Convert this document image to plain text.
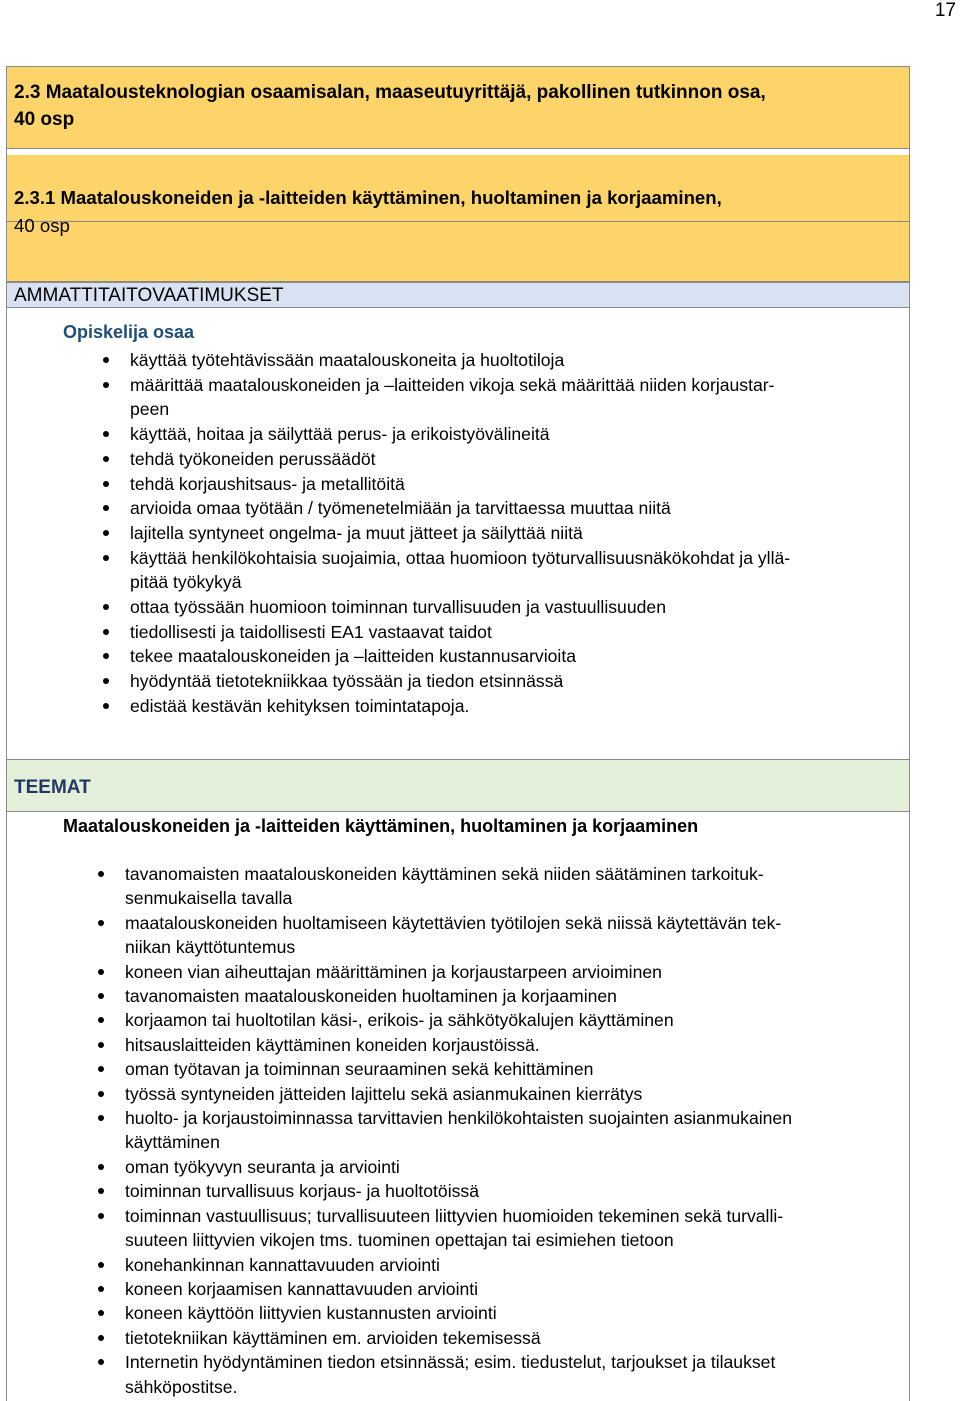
17
2.3 Maatalousteknologian osaamisalan, maaseutuyrittäjä, pakollinen tutkinnon osa,
40 osp
2.3.1 Maatalouskoneiden ja -laitteiden käyttäminen, huoltaminen ja korjaaminen,
40 osp
AMMATTITAITOVAATIMUKSET
Opiskelija osaa
TEEMAT
Maatalouskoneiden ja -laitteiden käyttäminen, huoltaminen ja korjaaminen
käyttää työtehtävissään maatalouskoneita ja huoltotiloja
määrittää maatalouskoneiden ja –laitteiden vikoja sekä määrittää niiden korjaustar-
peen
käyttää, hoitaa ja säilyttää perus- ja erikoistyövälineitä
tehdä työkoneiden perussäädöt
tehdä korjaushitsaus- ja metallitöitä
arvioida omaa työtään / työmenetelmiään ja tarvittaessa muuttaa niitä
lajitella syntyneet ongelma- ja muut jätteet ja säilyttää niitä
käyttää henkilökohtaisia suojaimia, ottaa huomioon työturvallisuusnäkökohdat ja yllä-
pitää työkykyä
ottaa työssään huomioon toiminnan turvallisuuden ja vastuullisuuden
tiedollisesti ja taidollisesti EA1 vastaavat taidot
tekee maatalouskoneiden ja –laitteiden kustannusarvioita
hyödyntää tietotekniikkaa työssään ja tiedon etsinnässä
edistää kestävän kehityksen toimintatapoja.
tavanomaisten maatalouskoneiden käyttäminen sekä niiden säätäminen tarkoituk-
senmukaisella tavalla
maatalouskoneiden huoltamiseen käytettävien työtilojen sekä niissä käytettävän tek-
niikan käyttötuntemus
koneen vian aiheuttajan määrittäminen ja korjaustarpeen arvioiminen
tavanomaisten maatalouskoneiden huoltaminen ja korjaaminen
korjaamon tai huoltotilan käsi-, erikois- ja sähkötyökalujen käyttäminen
hitsauslaitteiden käyttäminen koneiden korjaustöissä.
oman työtavan ja toiminnan seuraaminen sekä kehittäminen
työssä syntyneiden jätteiden lajittelu sekä asianmukainen kierrätys
huolto- ja korjaustoiminnassa tarvittavien henkilökohtaisten suojainten asianmukainen
käyttäminen
oman työkyvyn seuranta ja arviointi
toiminnan turvallisuus korjaus- ja huoltotöissä
toiminnan vastuullisuus; turvallisuuteen liittyvien huomioiden tekeminen sekä turvalli-
suuteen liittyvien vikojen tms. tuominen opettajan tai esimiehen tietoon
konehankinnan kannattavuuden arviointi
koneen korjaamisen kannattavuuden arviointi
koneen käyttöön liittyvien kustannusten arviointi
tietotekniikan käyttäminen em. arvioiden tekemisessä
Internetin hyödyntäminen tiedon etsinnässä; esim. tiedustelut, tarjoukset ja tilaukset
sähköpostitse.
